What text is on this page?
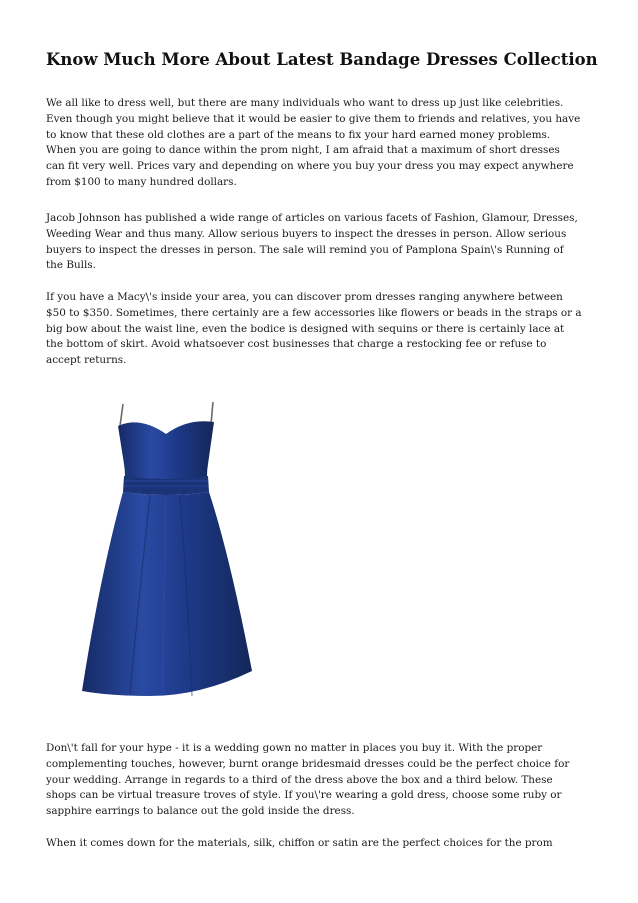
Know Much More About Latest Bandage Dresses Collection

We all like to dress well, but there are many individuals who want to dress up just like celebrities.
Even though you might believe that it would be easier to give them to friends and relatives, you have
to know that these old clothes are a part of the means to fix your hard earned money problems.
When you are going to dance within the prom night, I am afraid that a maximum of short dresses
can fit very well. Prices vary and depending on where you buy your dress you may expect anywhere
from $100 to many hundred dollars.

Jacob Johnson has published a wide range of articles on various facets of Fashion, Glamour, Dresses,
Weeding Wear and thus many. Allow serious buyers to inspect the dresses in person. Allow serious
buyers to inspect the dresses in person. The sale will remind you of Pamplona Spain\'s Running of
the Bulls.

If you have a Macy\'s inside your area, you can discover prom dresses ranging anywhere between
$50 to $350. Sometimes, there certainly are a few accessories like flowers or beads in the straps or a
big bow about the waist line, even the bodice is designed with sequins or there is certainly lace at
the bottom of skirt. Avoid whatsoever cost businesses that charge a restocking fee or refuse to
accept returns.

Don\'t fall for your hype - it is a wedding gown no matter in places you buy it. With the proper
complementing touches, however, burnt orange bridesmaid dresses could be the perfect choice for
your wedding. Arrange in regards to a third of the dress above the box and a third below. These
shops can be virtual treasure troves of style. If you\'re wearing a gold dress, choose some ruby or
sapphire earrings to balance out the gold inside the dress.

When it comes down for the materials, silk, chiffon or satin are the perfect choices for the prom
